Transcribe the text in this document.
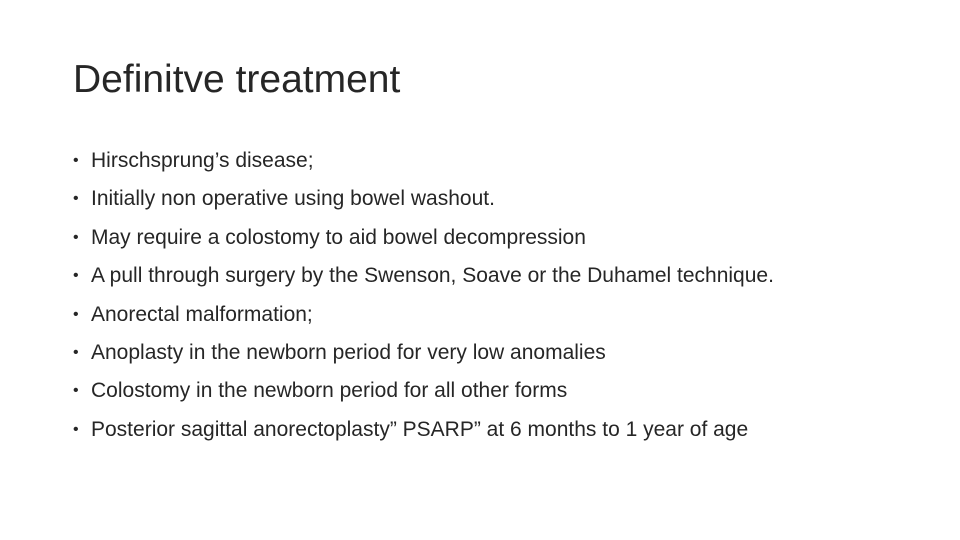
Definitve treatment
• Hirschsprung’s disease;
• Initially non operative using bowel washout.
• May require a colostomy to aid bowel decompression
• A pull through surgery by the Swenson, Soave or the Duhamel technique.
• Anorectal malformation;
• Anoplasty in the newborn period for very low anomalies
• Colostomy in the newborn period for all other forms
• Posterior sagittal anorectoplasty” PSARP” at 6 months to 1 year of age
